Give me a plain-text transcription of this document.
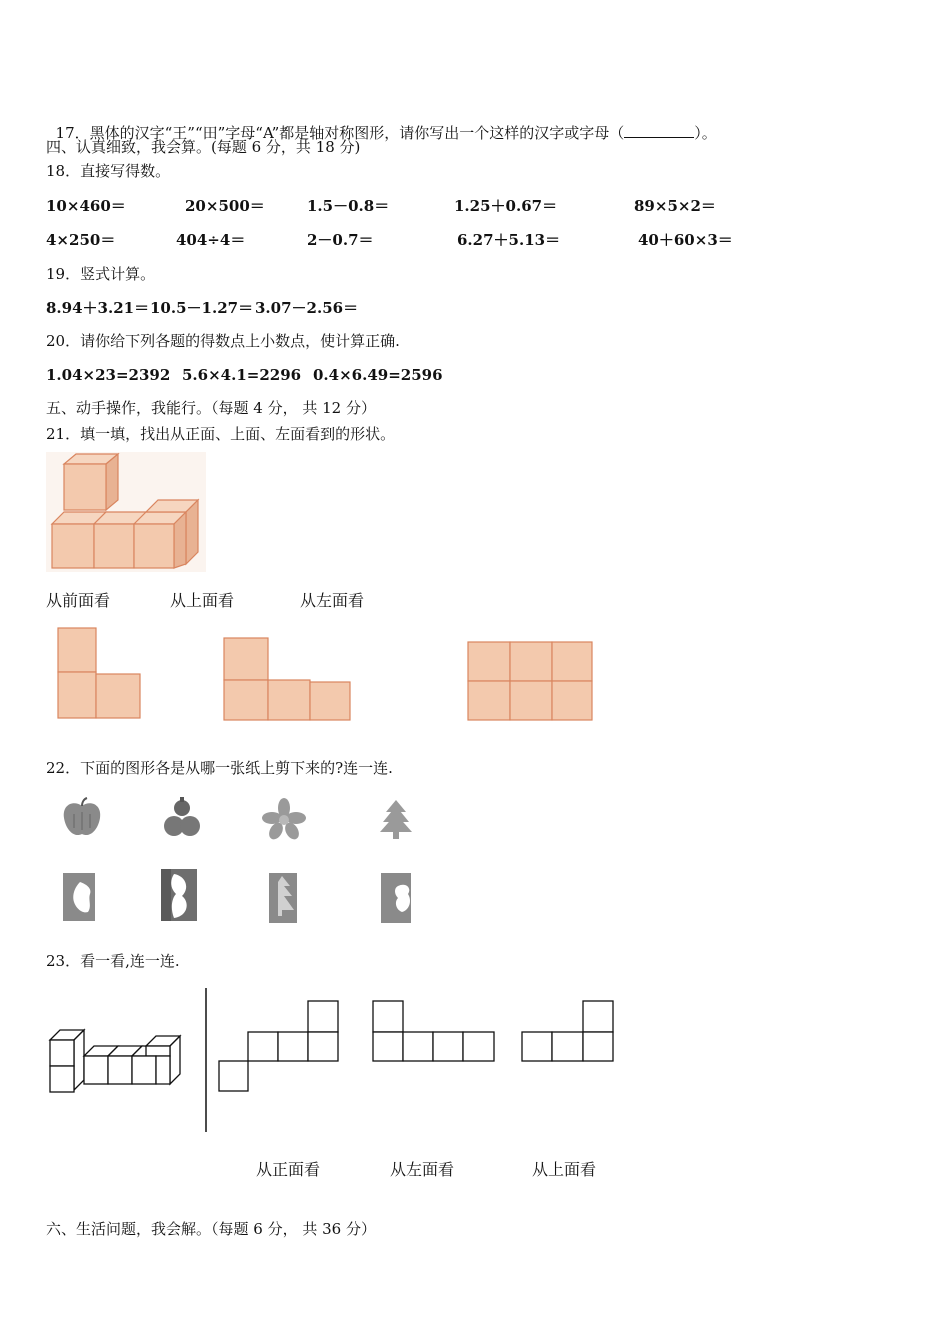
17．黑体的汉字“王”“田”字母“A”都是轴对称图形，请你写出一个这样的汉字或字母（	）。

四、认真细致，我会算。(每题 6 分，共 18 分)
18．直接写得数。
10×460＝	20×500＝	1.5－0.8＝	1.25＋0.67＝	89×5×2＝
4×250＝	404÷4＝	2－0.7＝	6.27＋5.13＝	40＋60×3＝
19．竖式计算。
8.94＋3.21＝ 10.5－1.27＝ 3.07－2.56＝
20．请你给下列各题的得数点上小数点，使计算正确.
1.04×23=2392 5.6×4.1=2296 0.4×6.49=2596
五、动手操作，我能行。（每题 4 分， 共 12 分）
21．填一填，找出从正面、上面、左面看到的形状。
从前面看	从上面看	从左面看
22．下面的图形各是从哪一张纸上剪下来的?连一连.
23．看一看,连一连.
从正面看	从左面看	从上面看
六、生活问题，我会解。（每题 6 分， 共 36 分）
